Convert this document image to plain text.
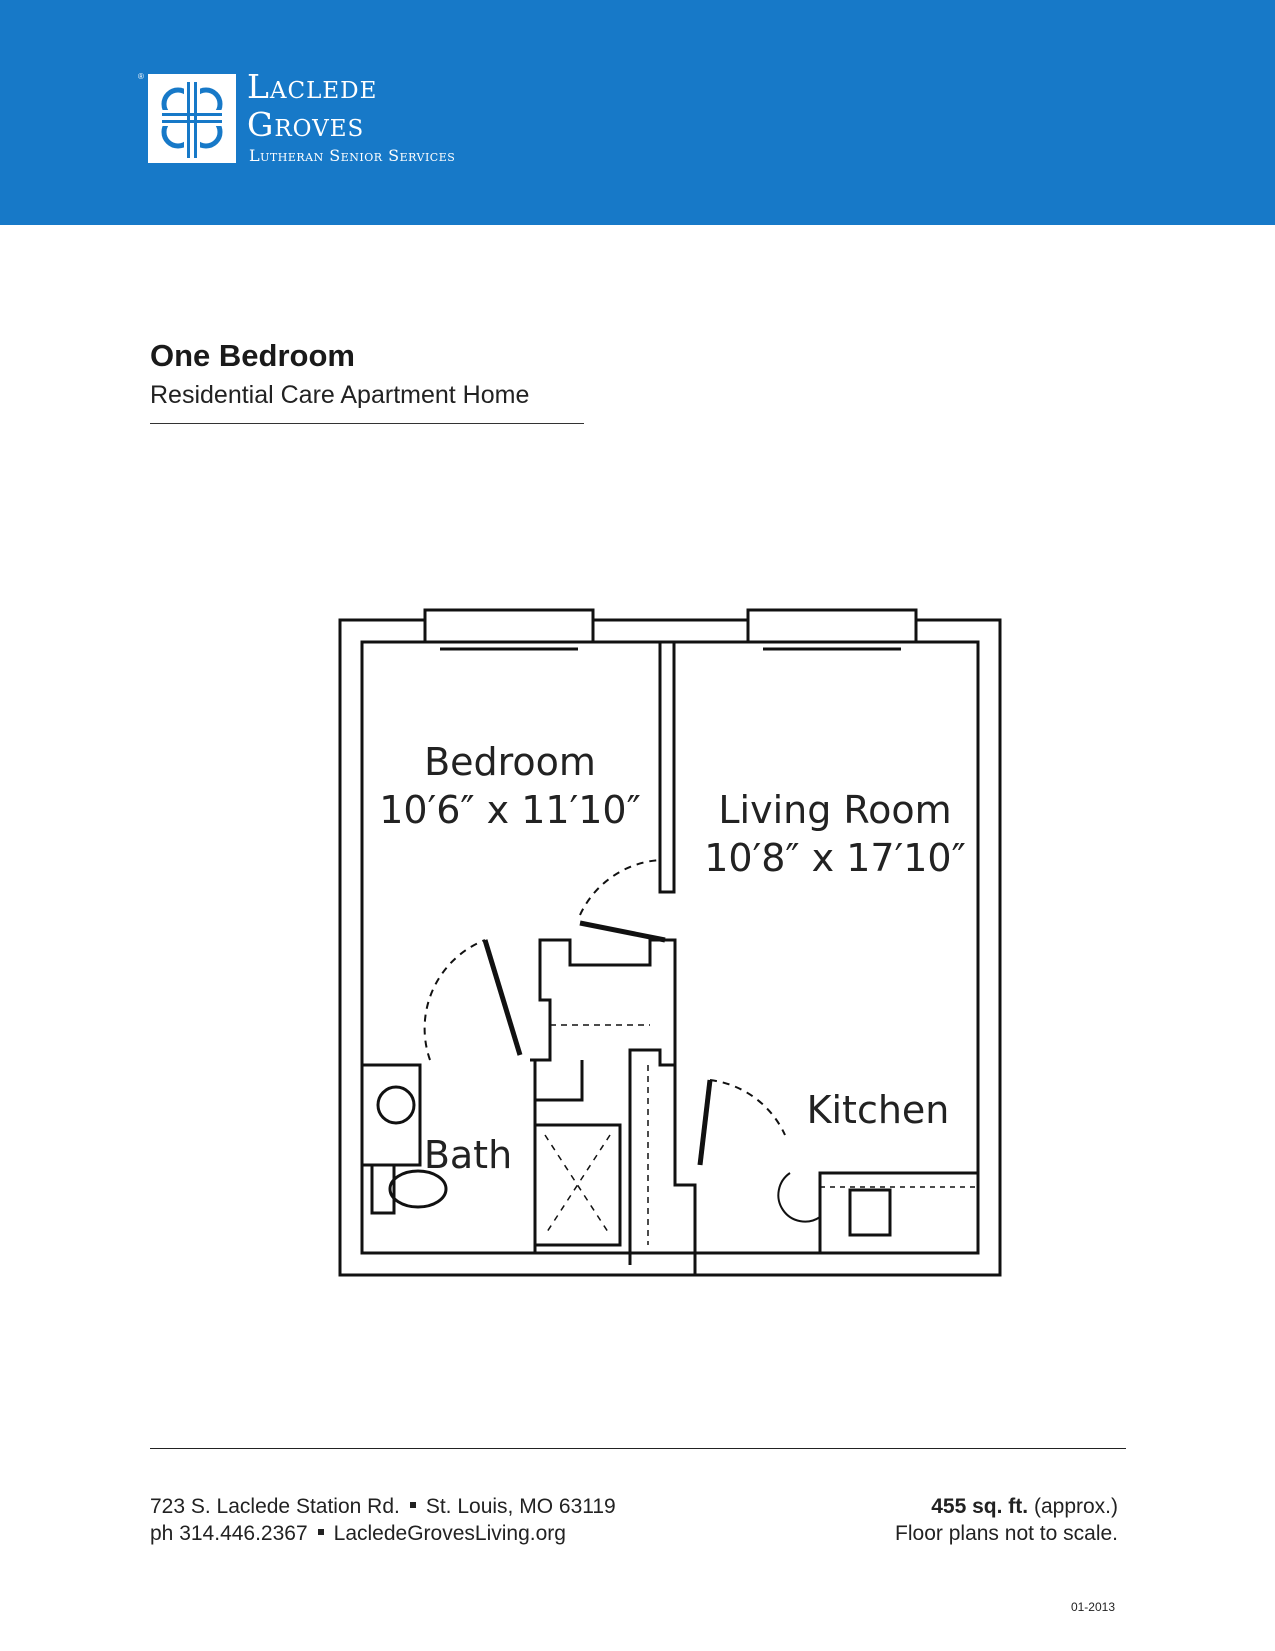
®	Laclede
Groves
Lutheran Senior Services
One Bedroom
Residential Care Apartment Home
Bedroom
10′6″ x 11′10″ Living Room
10′8″ x 17′10″
Kitchen
Bath
723 S. Laclede Station Rd. St. Louis, MO 63119
ph 314.446.2367 LacledeGrovesLiving.org
455 sq. ft. (approx.)
Floor plans not to scale.
01-2013
